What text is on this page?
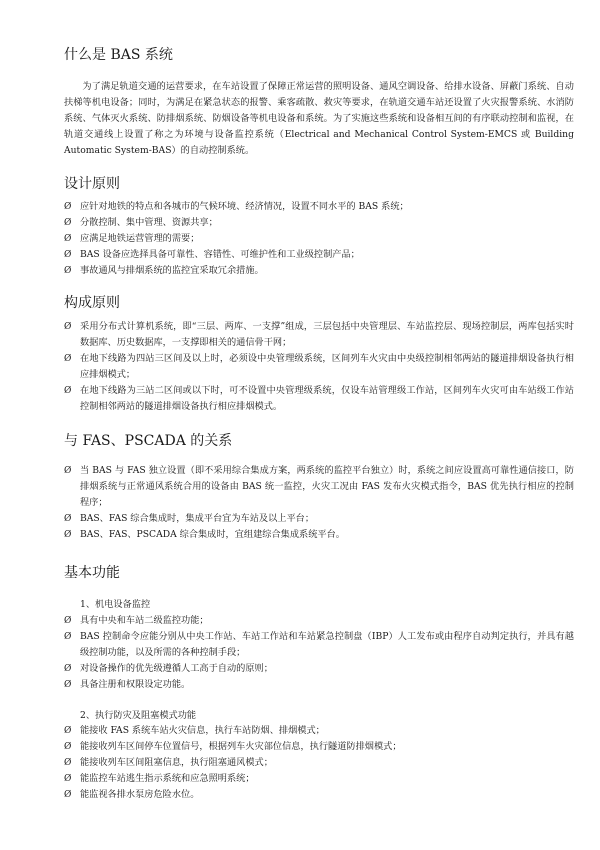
什么是 BAS 系统

为了满足轨道交通的运营要求，在车站设置了保障正常运营的照明设备、通风空调设备、给排水设备、屏蔽门系统、自动扶梯等机电设备；同时，为满足在紧急状态的报警、乘客疏散、救灾等要求，在轨道交通车站还设置了火灾报警系统、水消防系统、气体灭火系统、防排烟系统、防烟设备等机电设备和系统。为了实施这些系统和设备相互间的有序联动控制和监视，在轨道交通线上设置了称之为环境与设备监控系统（Electrical and Mechanical Control System-EMCS 或 Building Automatic System-BAS）的自动控制系统。

设计原则
Ø 应针对地铁的特点和各城市的气候环境、经济情况，设置不同水平的 BAS 系统；
Ø 分散控制、集中管理、资源共享；
Ø 应满足地铁运营管理的需要；
Ø BAS 设备应选择具备可靠性、容错性、可维护性和工业级控制产品；
Ø 事故通风与排烟系统的监控宜采取冗余措施。
构成原则
Ø 采用分布式计算机系统，即“三层、两库、一支撑”组成，三层包括中央管理层、车站监控层、现场控制层，两库包括实时数据库、历史数据库，一支撑即相关的通信骨干网；
Ø 在地下线路为四站三区间及以上时，必须设中央管理级系统，区间列车火灾由中央级控制相邻两站的隧道排烟设备执行相应排烟模式；
Ø 在地下线路为三站二区间或以下时，可不设置中央管理级系统，仅设车站管理级工作站，区间列车火灾可由车站级工作站控制相邻两站的隧道排烟设备执行相应排烟模式。
与 FAS、PSCADA 的关系
Ø 当 BAS 与 FAS 独立设置（即不采用综合集成方案，两系统的监控平台独立）时，系统之间应设置高可靠性通信接口，防排烟系统与正常通风系统合用的设备由 BAS 统一监控，火灾工况由 FAS 发布火灾模式指令，BAS 优先执行相应的控制程序；
Ø BAS、FAS 综合集成时，集成平台宜为车站及以上平台；
Ø BAS、FAS、PSCADA 综合集成时，宜组建综合集成系统平台。
基本功能

1、机电设备监控

Ø 具有中央和车站二级监控功能；
Ø BAS 控制命令应能分别从中央工作站、车站工作站和车站紧急控制盘（IBP）人工发布或由程序自动判定执行，并具有越级控制功能，以及所需的各种控制手段；
Ø 对设备操作的优先级遵循人工高于自动的原则；
Ø 具备注册和权限设定功能。

2、执行防灾及阻塞模式功能

Ø 能接收 FAS 系统车站火灾信息，执行车站防烟、排烟模式；
Ø 能接收列车区间停车位置信号，根据列车火灾部位信息，执行隧道防排烟模式；
Ø 能接收列车区间阻塞信息，执行阻塞通风模式；
Ø 能监控车站逃生指示系统和应急照明系统；
Ø 能监视各排水泵房危险水位。
